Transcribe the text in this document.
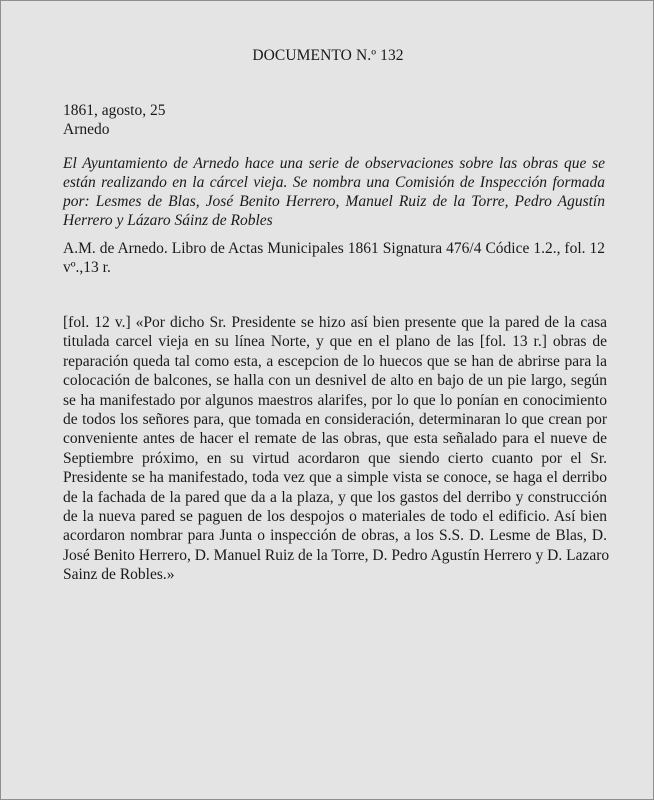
DOCUMENTO N.º 132
1861, agosto, 25
Arnedo
El Ayuntamiento de Arnedo hace una serie de observaciones sobre las obras que se
están realizando en la cárcel vieja. Se nombra una Comisión de Inspección formada
por: Lesmes de Blas, José Benito Herrero, Manuel Ruiz de la Torre, Pedro Agustín
Herrero y Lázaro Sáinz de Robles
A.M. de Arnedo. Libro de Actas Municipales 1861 Signatura 476/4 Códice 1.2., fol. 12
vº.,13 r.
[fol. 12 v.] «Por dicho Sr. Presidente se hizo así bien presente que la pared de la casa
titulada carcel vieja en su línea Norte, y que en el plano de las [fol. 13 r.] obras de
reparación queda tal como esta, a escepcion de lo huecos que se han de abrirse para la
colocación de balcones, se halla con un desnivel de alto en bajo de un pie largo, según
se ha manifestado por algunos maestros alarifes, por lo que lo ponían en conocimiento
de todos los señores para, que tomada en consideración, determinaran lo que crean por
conveniente antes de hacer el remate de las obras, que esta señalado para el nueve de
Septiembre próximo, en su virtud acordaron que siendo cierto cuanto por el Sr.
Presidente se ha manifestado, toda vez que a simple vista se conoce, se haga el derribo
de la fachada de la pared que da a la plaza, y que los gastos del derribo y construcción
de la nueva pared se paguen de los despojos o materiales de todo el edificio. Así bien
acordaron nombrar para Junta o inspección de obras, a los S.S. D. Lesme de Blas, D.
José Benito Herrero, D. Manuel Ruiz de la Torre, D. Pedro Agustín Herrero y D. Lazaro
Sainz de Robles.»
